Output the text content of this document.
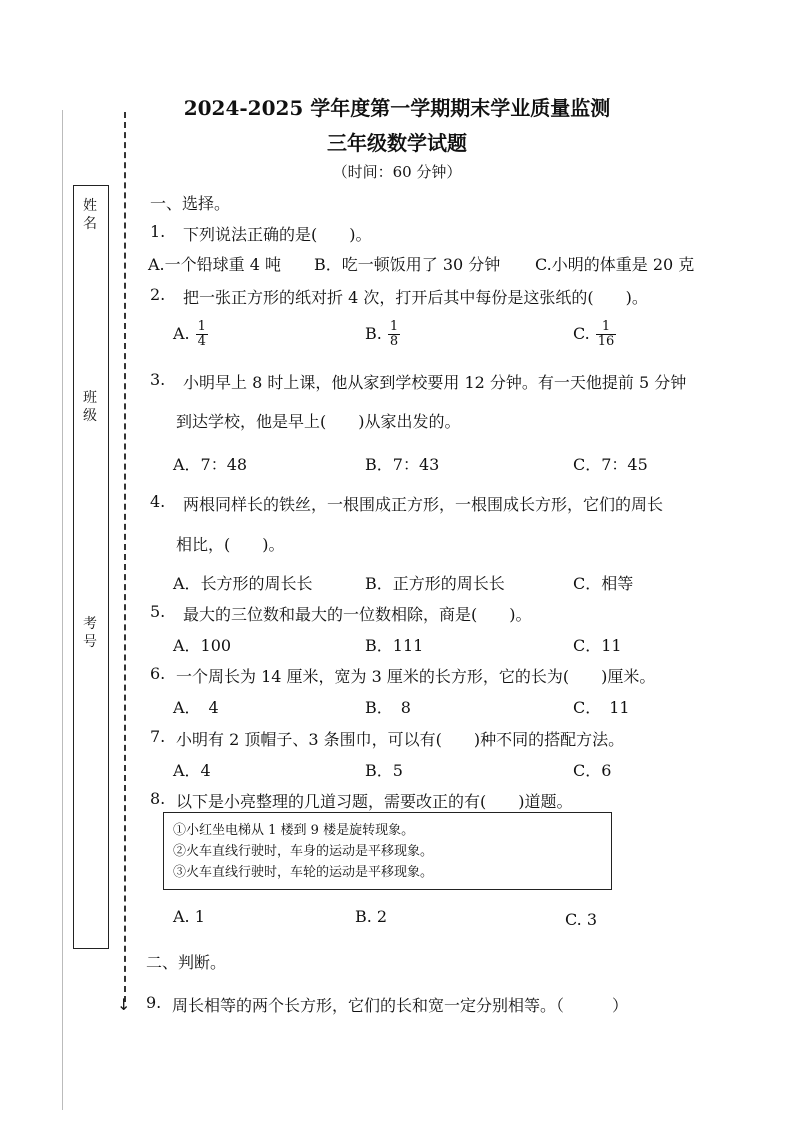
↓
姓名
班级
考号
2024-2025 学年度第一学期期末学业质量监测
三年级数学试题
（时间：60 分钟）
一、选择。
1. 下列说法正确的是(　　)。
A.一个铅球重 4 吨 B．吃一顿饭用了 30 分钟 C.小明的体重是 20 克
2. 把一张正方形的纸对折 4 次，打开后其中每份是这张纸的(　　)。
A. $\frac{1}{4}$	B. $\frac{1}{8}$	C. $\frac{1}{16}$
3. 小明早上 8 时上课，他从家到学校要用 12 分钟。有一天他提前 5 分钟
到达学校，他是早上(　　)从家出发的。
A．7：48	B．7：43	C．7：45
4. 两根同样长的铁丝，一根围成正方形，一根围成长方形，它们的周长
相比，(　　)。
A．长方形的周长长	B．正方形的周长长	C．相等
5. 最大的三位数和最大的一位数相除，商是(　　)。
A．100	B．111	C．11
6. 一个周长为 14 厘米，宽为 3 厘米的长方形，它的长为(　　)厘米。
A．　4	B．　8	C．　11
7. 小明有 2 顶帽子、3 条围巾，可以有(　　)种不同的搭配方法。
A．4	B．5	C．6
8. 以下是小亮整理的几道习题，需要改正的有(　　)道题。
①小红坐电梯从 1 楼到 9 楼是旋转现象。
②火车直线行驶时，车身的运动是平移现象。
③火车直线行驶时，车轮的运动是平移现象。
A. 1	B. 2	C. 3
二、判断。
9. 周长相等的两个长方形，它们的长和宽一定分别相等。（　　　）
